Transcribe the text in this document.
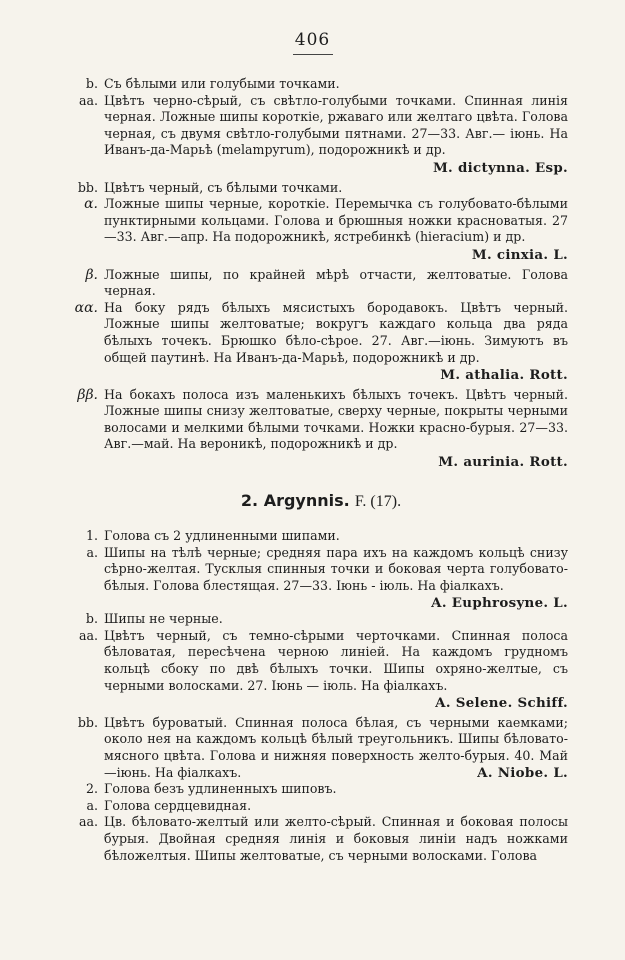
406
b. Съ бѣлыми или голубыми точками.
aa. Цвѣтъ черно-сѣрый, съ свѣтло-голубыми точками. Спинная линія черная. Ложные шипы короткіе, ржаваго или желтаго цвѣта. Голова черная, съ двумя свѣтло-голубыми пятнами. 27—33. Авг.— іюнь. На Иванъ-да-Марьѣ (melampyrum), подорожникѣ и др.
M. dictynna. Esp.
bb. Цвѣтъ черный, съ бѣлыми точками.
α. Ложные шипы черные, короткіе. Перемычка съ голубовато-бѣлыми пунктирными кольцами. Голова и брюшныя ножки красноватыя. 27—33. Авг.—апр. На подорожникѣ, ястребинкѣ (hieracium) и др.
M. cinxia. L.
β. Ложные шипы, по крайней мѣрѣ отчасти, желтоватые. Голова черная.
αα. На боку рядъ бѣлыхъ мясистыхъ бородавокъ. Цвѣтъ черный. Ложные шипы желтоватые; вокругъ каждаго кольца два ряда бѣлыхъ точекъ. Брюшко бѣло-сѣрое. 27. Авг.—іюнь. Зимуютъ въ общей паутинѣ. На Иванъ-да-Марьѣ, подорожникѣ и др.
M. athalia. Rott.
ββ. На бокахъ полоса изъ маленькихъ бѣлыхъ точекъ. Цвѣтъ черный. Ложные шипы снизу желтоватые, сверху черные, покрыты черными волосами и мелкими бѣлыми точками. Ножки красно-бурыя. 27—33. Авг.—май. На вероникѣ, подорожникѣ и др.
M. aurinia. Rott.
2. Argynnis. F. (17).
1. Голова съ 2 удлиненными шипами.
a. Шипы на тѣлѣ черные; средняя пара ихъ на каждомъ кольцѣ снизу сѣрно-желтая. Тусклыя спинныя точки и боковая черта голубовато-бѣлыя. Голова блестящая. 27—33. Іюнь - іюль. На фіалкахъ.
A. Euphrosyne. L.
b. Шипы не черные.
aa. Цвѣтъ черный, съ темно-сѣрыми черточками. Спинная полоса бѣловатая, пересѣчена черною линіей. На каждомъ грудномъ кольцѣ сбоку по двѣ бѣлыхъ точки. Шипы охряно-желтые, съ черными волосками. 27. Іюнь — іюль. На фіалкахъ.
A. Selene. Schiff.
bb. Цвѣтъ буроватый. Спинная полоса бѣлая, съ черными каемками; около нея на каждомъ кольцѣ бѣлый треугольникъ. Шипы бѣловато-мясного цвѣта. Голова и нижняя поверхность желто-бурыя. 40. Май—іюнь. На фіалкахъ.	A. Niobe. L.
2. Голова безъ удлиненныхъ шиповъ.
a. Голова сердцевидная.
aa. Цв. бѣловато-желтый или желто-сѣрый. Спинная и боковая полосы бурыя. Двойная средняя линія и боковыя линіи надъ ножками бѣложелтыя. Шипы желтоватые, съ черными волосками. Голова
